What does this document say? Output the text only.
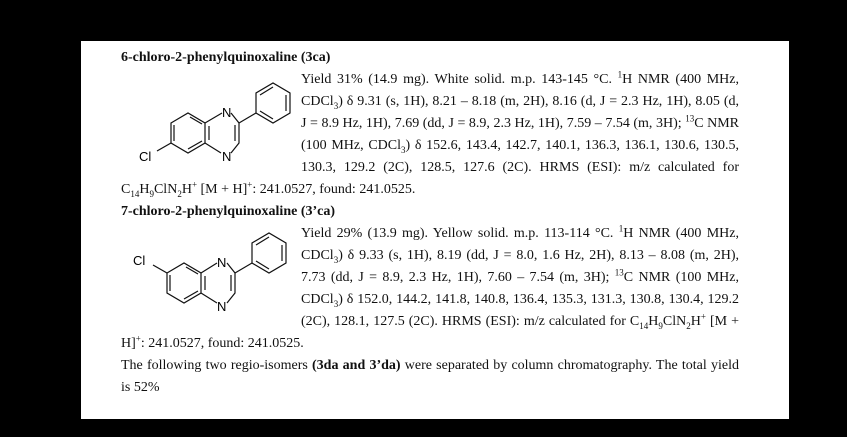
6-chloro-2-phenylquinoxaline (3ca)
N
N
Cl
Yield 31% (14.9 mg). White solid. m.p. 143-145 °C. $^1$H NMR (400 MHz, CDCl$_3$) δ 9.31 (s, 1H), 8.21 – 8.18 (m, 2H), 8.16 (d, J = 2.3 Hz, 1H), 8.05 (d, J = 8.9 Hz, 1H), 7.69 (dd, J = 8.9, 2.3 Hz, 1H), 7.59 – 7.54 (m, 3H); $^{13}$C NMR (100 MHz, CDCl$_3$) δ 152.6, 143.4, 142.7, 140.1, 136.3, 136.1, 130.6, 130.5, 130.3, 129.2 (2C), 128.5, 127.6 (2C). HRMS (ESI): m/z calculated for $C_{14}H_9ClN_2H^+$ [M + H]+: 241.0527, found: 241.0525.
7-chloro-2-phenylquinoxaline (3’ca)
N
N
Cl
Yield 29% (13.9 mg). Yellow solid. m.p. 113-114 °C. $^1$H NMR (400 MHz, CDCl$_3$) δ 9.33 (s, 1H), 8.19 (dd, J = 8.0, 1.6 Hz, 2H), 8.13 – 8.08 (m, 2H), 7.73 (dd, J = 8.9, 2.3 Hz, 1H), 7.60 – 7.54 (m, 3H); $^{13}$C NMR (100 MHz, CDCl$_3$) δ 152.0, 144.2, 141.8, 140.8, 136.4, 135.3, 131.3, 130.8, 130.4, 129.2 (2C), 128.1, 127.5 (2C). HRMS (ESI): m/z calculated for $C_{14}H_9ClN_2H^+$ [M + H]+: 241.0527, found: 241.0525.
The following two regio-isomers (3da and 3’da) were separated by column chromatography. The total yield is 52%
